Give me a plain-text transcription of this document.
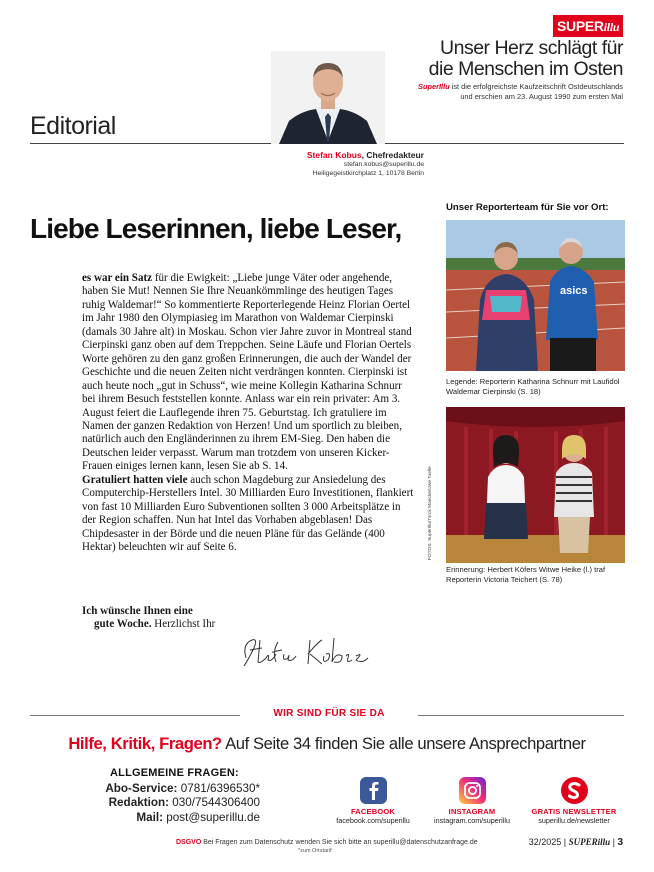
SUPERillu
Unser Herz schlägt für
die Menschen im Osten
SuperIllu ist die erfolgreichste Kaufzeitschrift Ostdeutschlands
und erschien am 23. August 1990 zum ersten Mal
Editorial
Stefan Kobus, Chefredakteur
stefan.kobus@superillu.de
Heiligegeistkirchplatz 1, 10178 Berlin
Liebe Leserinnen, liebe Leser,
es war ein Satz für die Ewigkeit: „Liebe junge Väter oder angehende, haben Sie Mut! Nennen Sie Ihre Neuankömmlinge des heutigen Tages ruhig Waldemar!“ So kommentierte Reporterlegende Heinz Florian Oertel im Jahr 1980 den Olympiasieg im Marathon von Waldemar Cierpinski (damals 30 Jahre alt) in Moskau. Schon vier Jahre zuvor in Montreal stand Cierpinski ganz oben auf dem Treppchen. Seine Läufe und Florian Oertels Worte gehören zu den ganz großen Erinnerungen, die auch der Wandel der Geschichte und die neuen Zeiten nicht verdrängen konnten. Cierpinski ist auch heute noch „gut in Schuss“, wie meine Kollegin Katharina Schnurr bei ihrem Besuch feststellen konnte. Anlass war ein rein privater: Am 3. August feiert die Lauflegende ihren 75. Geburtstag. Ich gratuliere im Namen der ganzen Redaktion von Herzen! Und um sportlich zu bleiben, natürlich auch den Engländerinnen zu ihrem EM-Sieg. Den haben die Deutschen leider verpasst. Warum man trotzdem von unseren Kicker-Frauen einiges lernen kann, lesen Sie ab S. 14.
Gratuliert hatten viele auch schon Magdeburg zur Ansiedelung des Computerchip-Herstellers Intel. 30 Milliarden Euro Investitionen, flankiert von fast 10 Milliarden Euro Subventionen sollten 3 000 Arbeitsplätze in der Region schaffen. Nun hat Intel das Vorhaben abgeblasen! Das Chipdesaster in der Börde und die neuen Pläne für das Gelände (400 Hektar) beleuchten wir auf Seite 6.
Ich wünsche Ihnen eine
gute Woche. Herzlichst Ihr
Unser Reporterteam für Sie vor Ort:
asics
Legende: Reporterin Katharina Schnurr mit Laufidol Waldemar Cierpinski (S. 18)
Erinnerung: Herbert Köfers Witwe Heike (l.) traf Reporterin Victoria Teichert (S. 78)
FOTOS: SuperIllu/Torck Maecke/Uwe Toelle
WIR SIND FÜR SIE DA
Hilfe, Kritik, Fragen? Auf Seite 34 finden Sie alle unsere Ansprechpartner
ALLGEMEINE FRAGEN:
Abo-Service: 0781/6396530*
Redaktion: 030/7544306400
Mail: post@superillu.de	FACEBOOK
facebook.com/superillu
INSTAGRAM
instagram.com/superillu
GRATIS NEWSLETTER
superillu.de/newsletter
DSGVO Bei Fragen zum Datenschutz wenden Sie sich bitte an superillu@datenschutzanfrage.de
*zum Ortstarif
32/2025 | SUPERillu | 3
